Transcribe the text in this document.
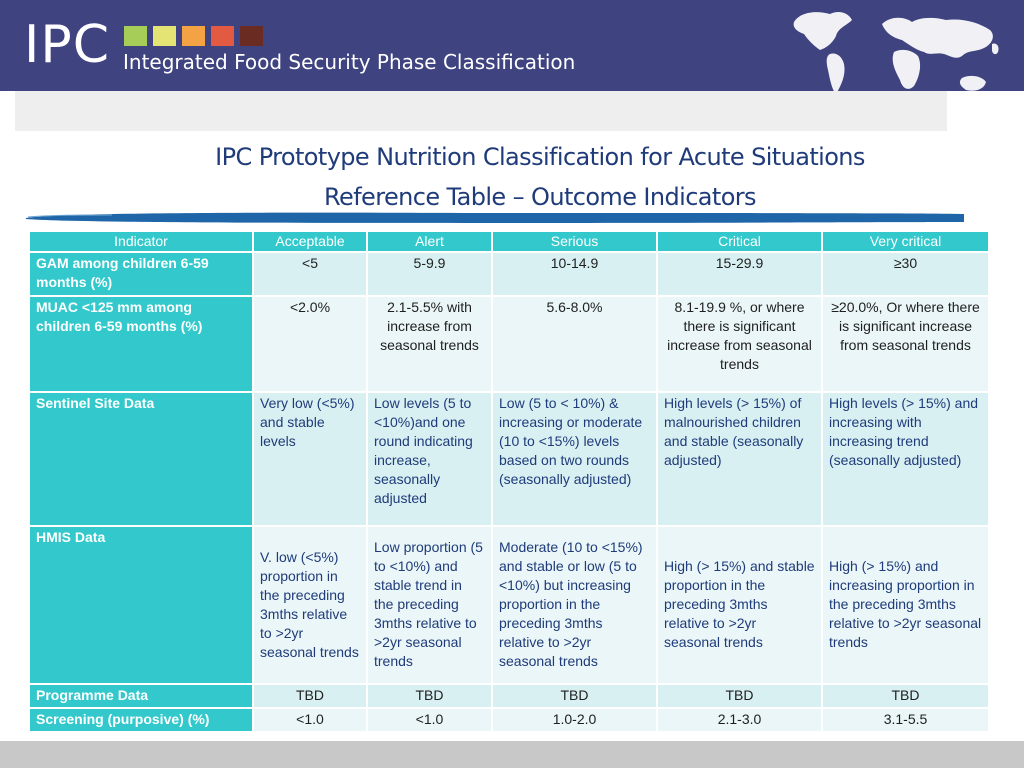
IPC Integrated Food Security Phase Classification
IPC Prototype Nutrition Classification for Acute Situations
Reference Table – Outcome Indicators
Indicator	Acceptable	Alert	Serious	Critical	Very critical
GAM among children 6-59 months (%)	<5	5-9.9	10-14.9	15-29.9	≥30
MUAC <125 mm among children 6-59 months (%)	<2.0%	2.1-5.5% with increase from seasonal trends	5.6-8.0%	8.1-19.9 %, or where there is significant increase from seasonal trends	≥20.0%, Or where there is significant increase from seasonal trends
Sentinel Site Data	Very low (<5%) and stable levels	Low levels (5 to <10%)and one round indicating increase, seasonally adjusted	Low (5 to < 10%) & increasing or moderate (10 to <15%) levels based on two rounds (seasonally adjusted)	High levels (> 15%) of malnourished children and stable (seasonally adjusted)	High levels (> 15%) and increasing with increasing trend (seasonally adjusted)
HMIS Data	V. low (<5%) proportion in the preceding 3mths relative to >2yr seasonal trends	Low proportion (5 to <10%) and stable trend in the preceding 3mths relative to >2yr seasonal trends	Moderate (10 to <15%) and stable or low (5 to <10%) but increasing proportion in the preceding 3mths relative to >2yr seasonal trends	High (> 15%) and stable proportion in the preceding 3mths relative to >2yr seasonal trends	High (> 15%) and increasing proportion in the preceding 3mths relative to >2yr seasonal trends
Programme Data	TBD	TBD	TBD	TBD	TBD
Screening (purposive) (%)	<1.0	<1.0	1.0-2.0	2.1-3.0	3.1-5.5
